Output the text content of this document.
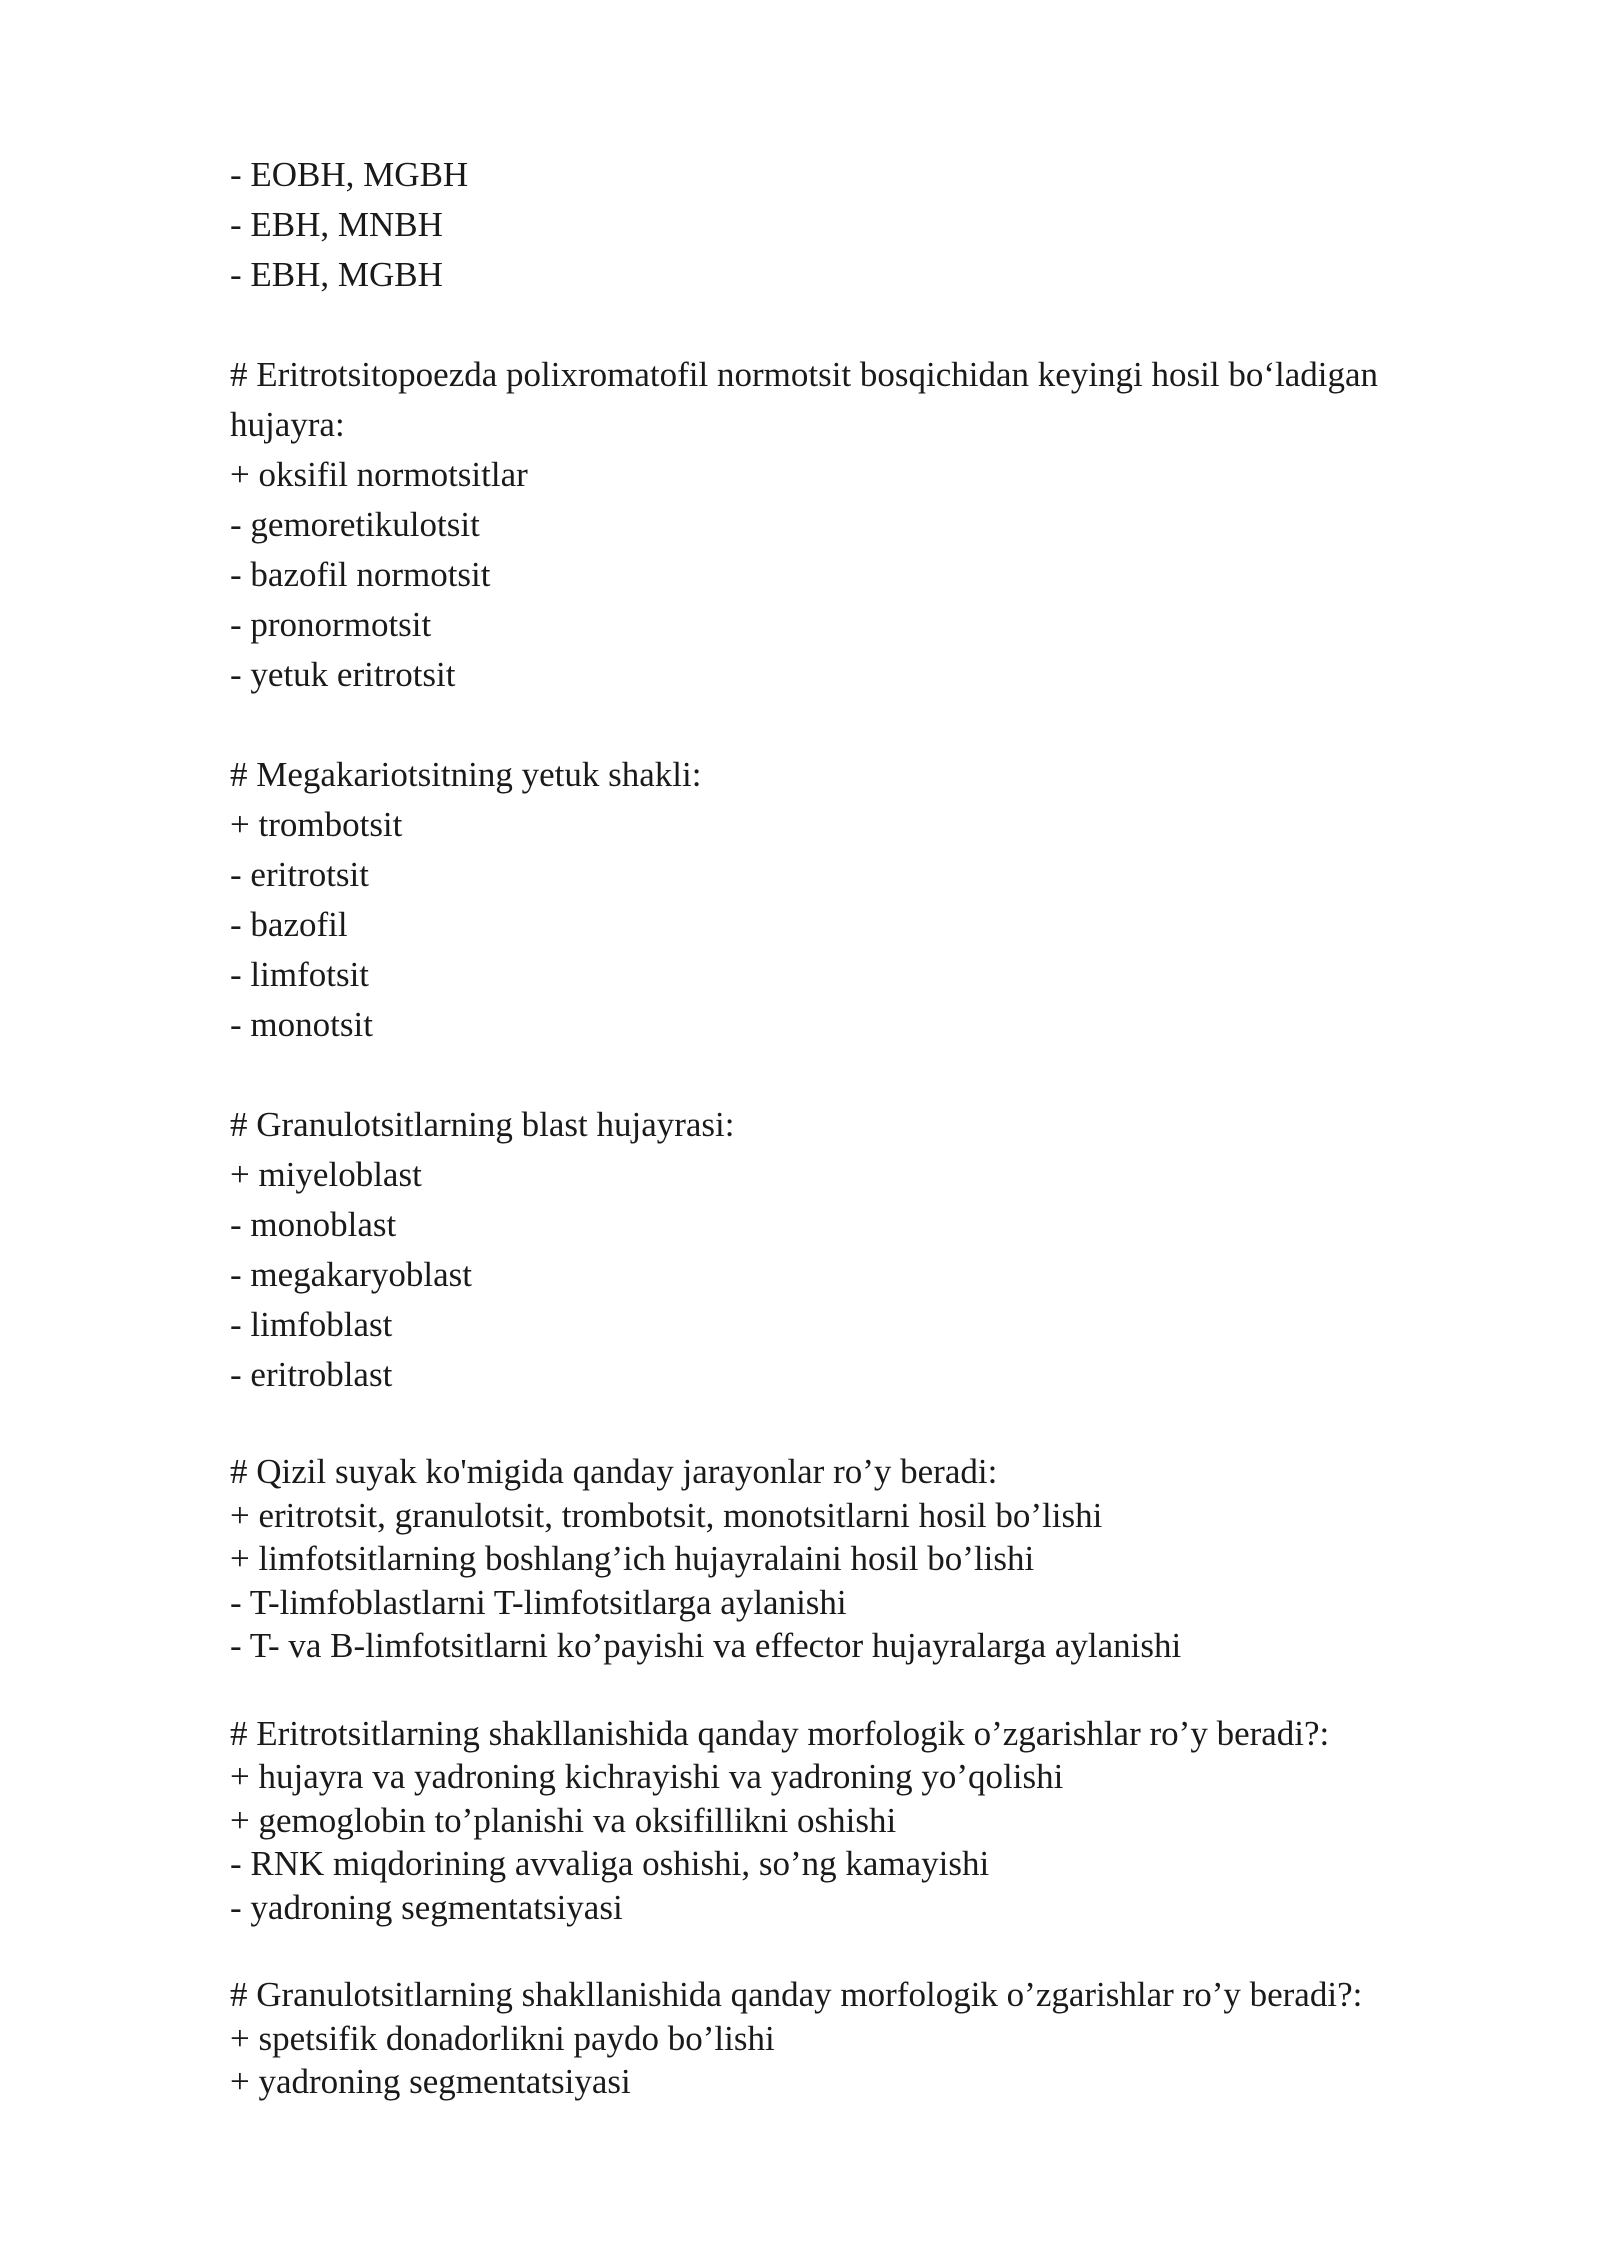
- EOBH, MGBH
- EBH, MNBH
- EBH, MGBH
# Eritrotsitopoezda polixromatofil normotsit bosqichidan keyingi hosil bo‘ladigan hujayra:
+ oksifil normotsitlar
- gemoretikulotsit
- bazofil normotsit
- pronormotsit
- yetuk eritrotsit
# Megakariotsitning yetuk shakli:
+ trombotsit
- eritrotsit
- bazofil
- limfotsit
- monotsit
# Granulotsitlarning blast hujayrasi:
+ miyeloblast
- monoblast
- megakaryoblast
- limfoblast
- eritroblast
# Qizil suyak ko'migida qanday jarayonlar ro’y beradi:
+ eritrotsit, granulotsit, trombotsit, monotsitlarni hosil bo’lishi
+ limfotsitlarning boshlang’ich hujayralaini hosil bo’lishi
- T-limfoblastlarni T-limfotsitlarga aylanishi
- T- va B-limfotsitlarni ko’payishi va effector hujayralarga aylanishi
# Eritrotsitlarning shakllanishida qanday morfologik o’zgarishlar ro’y beradi?:
+ hujayra va yadroning kichrayishi va yadroning yo’qolishi
+ gemoglobin to’planishi va oksifillikni oshishi
- RNK miqdorining avvaliga oshishi, so’ng kamayishi
- yadroning segmentatsiyasi
# Granulotsitlarning shakllanishida qanday morfologik o’zgarishlar ro’y beradi?:
+ spetsifik donadorlikni paydo bo’lishi
+ yadroning segmentatsiyasi
